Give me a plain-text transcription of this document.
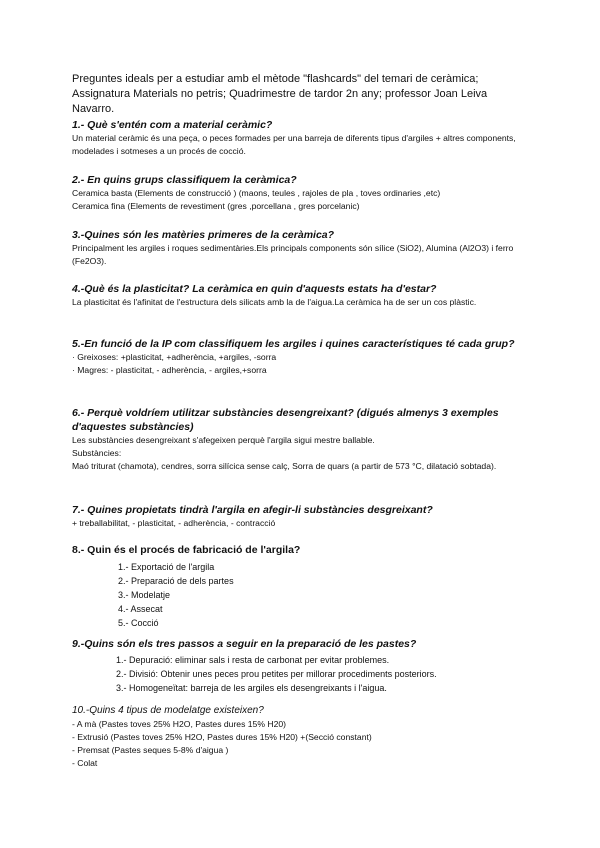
Preguntes ideals per a estudiar amb el mètode "flashcards" del temari de ceràmica; Assignatura Materials no petris; Quadrimestre de tardor 2n any; professor Joan Leiva Navarro.

1.- Què s'entén com a material ceràmic?

Un material ceràmic és una peça, o peces formades per una barreja de diferents tipus d'argiles + altres components, modelades i sotmeses a un procés de cocció.

2.- En quins grups classifiquem la ceràmica?

Ceramica basta (Elements de construcció ) (maons, teules , rajoles de pla , toves ordinaries ,etc)

Ceramica fina (Elements de revestiment (gres ,porcellana , gres porcelanic)

3.-Quines són les matèries primeres de la ceràmica?

Principalment les argiles i roques sedimentàries.Els principals components són sílice (SiO2), Alumina (Al2O3) i ferro (Fe2O3).

4.-Què és la plasticitat? La ceràmica en quin d'aquests estats ha d'estar?

La plasticitat és l'afinitat de l'estructura dels silicats amb la de l'aigua.La ceràmica ha de ser un cos plàstic.

5.-En funció de la IP com classifiquem les argiles i quines característiques té cada grup?

· Greixoses: +plasticitat, +adherència, +argiles, -sorra

· Magres: - plasticitat, - adherència, - argiles,+sorra

6.- Perquè voldríem utilitzar substàncies desengreixant? (digués almenys 3 exemples d'aquestes substàncies)

Les substàncies desengreixant s'afegeixen perquè l'argila sigui mestre ballable.

Substàncies:

Maó triturat (chamota), cendres, sorra silícica sense calç, Sorra de quars (a partir de 573 °C, dilatació sobtada).

7.- Quines propietats tindrà l'argila en afegir-li substàncies desgreixant?

+ treballabilitat, - plasticitat, - adherència, - contracció

8.- Quin és el procés de fabricació de l'argila?

1.- Exportació de l'argila

2.- Preparació de dels partes

3.- Modelatje

4.- Assecat

5.- Cocció

9.-Quins són els tres passos a seguir en la preparació de les pastes?

1.- Depuració: eliminar sals i resta de carbonat per evitar problemes.

2.- Divisió: Obtenir unes peces prou petites per millorar procediments posteriors.

3.- Homogeneïtat: barreja de les argiles els desengreixants i l'aigua.

10.-Quins 4 tipus de modelatge existeixen?

- A mà (Pastes toves 25% H2O, Pastes dures 15% H20)

- Extrusió (Pastes toves 25% H2O, Pastes dures 15% H20) +(Secció constant)

- Premsat (Pastes seques 5-8% d'aigua )

- Colat
